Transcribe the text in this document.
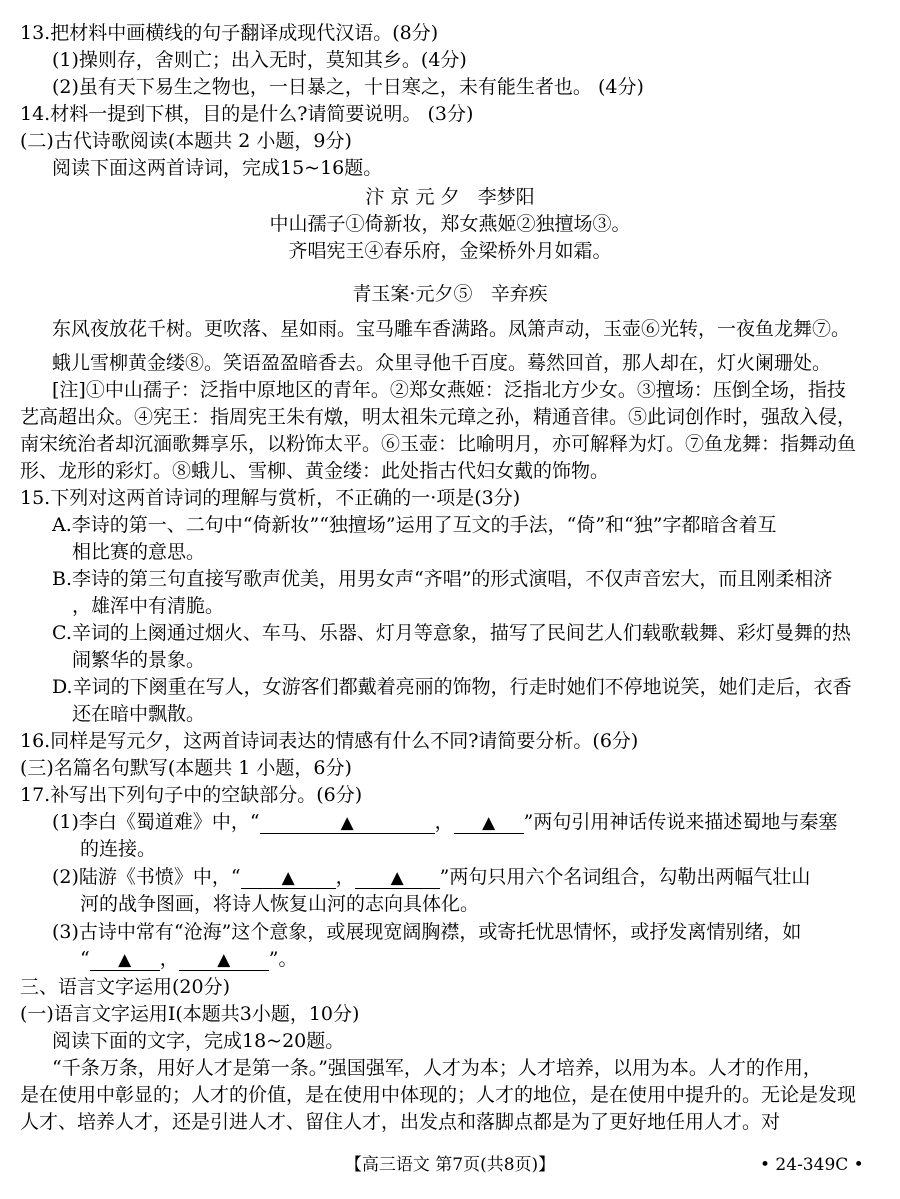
13.把材料中画横线的句子翻译成现代汉语。(8分)
(1)操则存，舍则亡；出入无时，莫知其乡。(4分)
(2)虽有天下易生之物也，一日暴之，十日寒之，未有能生者也。 (4分)
14.材料一提到下棋，目的是什么?请简要说明。 (3分)
(二)古代诗歌阅读(本题共 2 小题，9分)
阅读下面这两首诗词，完成15~16题。
汴 京 元 夕 李梦阳
中山孺子①倚新妆，郑女燕姬②独擅场③。
齐唱宪王④春乐府，金梁桥外月如霜。
青玉案·元夕⑤ 辛弃疾
东风夜放花千树。更吹落、星如雨。宝马雕车香满路。凤箫声动，玉壶⑥光转，一夜鱼龙舞⑦。
蛾儿雪柳黄金缕⑧。笑语盈盈暗香去。众里寻他千百度。蓦然回首，那人却在，灯火阑珊处。
[注]①中山孺子：泛指中原地区的青年。②郑女燕姬：泛指北方少女。③擅场：压倒全场，指技
艺高超出众。④宪王：指周宪王朱有燉，明太祖朱元璋之孙，精通音律。⑤此词创作时，强敌入侵，
南宋统治者却沉湎歌舞享乐，以粉饰太平。⑥玉壶：比喻明月，亦可解释为灯。⑦鱼龙舞：指舞动鱼
形、龙形的彩灯。⑧蛾儿、雪柳、黄金缕：此处指古代妇女戴的饰物。
15.下列对这两首诗词的理解与赏析，不正确的一·项是(3分)
A.李诗的第一、二句中“倚新妆”“独擅场”运用了互文的手法，“倚”和“独”字都暗含着互
相比赛的意思。
B.李诗的第三句直接写歌声优美，用男女声“齐唱”的形式演唱，不仅声音宏大，而且刚柔相济
，雄浑中有清脆。
C.辛词的上阕通过烟火、车马、乐器、灯月等意象，描写了民间艺人们载歌载舞、彩灯曼舞的热
闹繁华的景象。
D.辛词的下阕重在写人，女游客们都戴着亮丽的饰物，行走时她们不停地说笑，她们走后，衣香
还在暗中飘散。
16.同样是写元夕，这两首诗词表达的情感有什么不同?请简要分析。(6分)
(三)名篇名句默写(本题共 1 小题，6分)
17.补写出下列句子中的空缺部分。(6分)
(1)李白《蜀道难》中，“	▲	， ▲ ”两句引用神话传说来描述蜀地与秦塞
的连接。
(2)陆游《书愤》中，“ ▲ ， ▲ ”两句只用六个名词组合，勾勒出两幅气壮山
河的战争图画，将诗人恢复山河的志向具体化。
(3)古诗中常有“沧海”这个意象，或展现宽阔胸襟，或寄托忧思情怀，或抒发离情别绪，如
“ ▲ ， ▲ ”。
三、语言文字运用(20分)
(一)语言文字运用Ⅰ(本题共3小题，10分)
阅读下面的文字，完成18~20题。
“千条万条，用好人才是第一条。”强国强军，人才为本；人才培养，以用为本。人才的作用，
是在使用中彰显的；人才的价值，是在使用中体现的；人才的地位，是在使用中提升的。无论是发现
人才、培养人才，还是引进人才、留住人才，出发点和落脚点都是为了更好地任用人才。对
【高三语文 第7页(共8页)】	• 24-349C •
